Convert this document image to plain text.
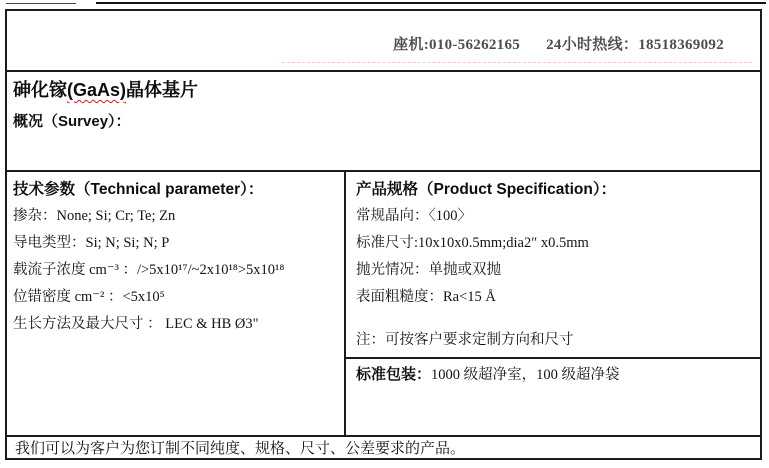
座机:010-56262165 24小时热线：18518369092
砷化镓(GaAs)晶体基片
概况（Survey）：
技术参数（Technical parameter）：
掺杂：None; Si; Cr; Te; Zn
导电类型：Si; N; Si; N; P
载流子浓度 cm⁻³ ：/>5x10¹⁷/~2x10¹⁸>5x10¹⁸
位错密度 cm⁻² ：<5x10⁵
生长方法及最大尺寸 ： LEC & HB Ø3"
产品规格（Product Specification）：
常规晶向：〈100〉
标准尺寸:10x10x0.5mm;dia2″ x0.5mm
抛光情况：单抛或双抛
表面粗糙度：Ra<15 Å
注：可按客户要求定制方向和尺寸
标准包装：1000 级超净室，100 级超净袋
我们可以为客户为您订制不同纯度、规格、尺寸、公差要求的产品。
